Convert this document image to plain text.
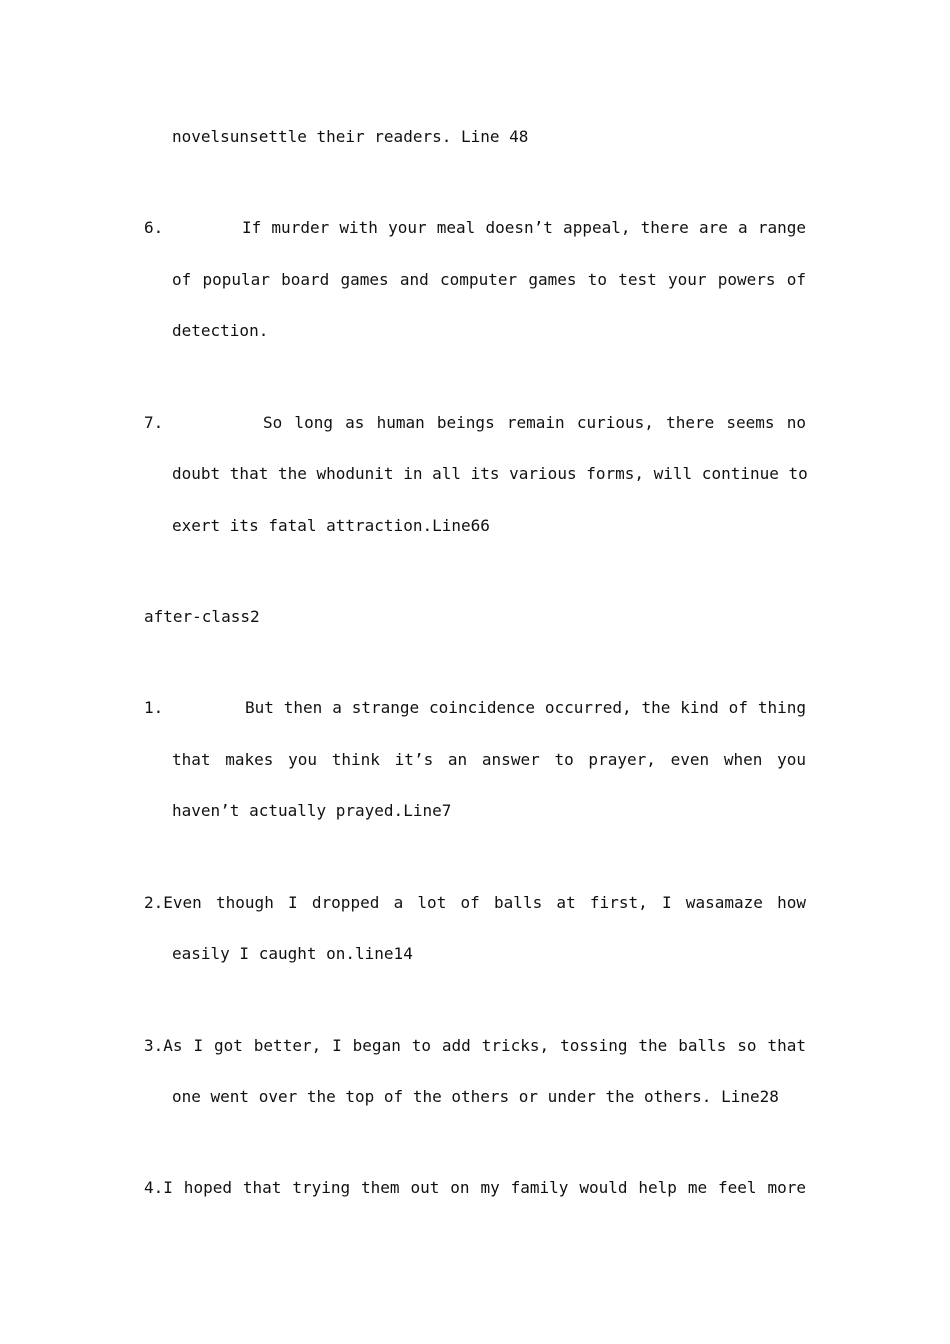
novelsunsettle their readers. Line 48
6.	If murder with your meal doesn’t appeal, there are a range
of popular board games and computer games to test your powers of
detection.
7.	So long as human beings remain curious, there seems no
doubt that the whodunit in all its various forms, will continue to
exert its fatal attraction.Line66
after-class2
1.	But then a strange coincidence occurred, the kind of thing
that makes you think it’s an answer to prayer, even when you
haven’t actually prayed.Line7
2.Even though I dropped a lot of balls at first, I wasamaze how
easily I caught on.line14
3.As I got better, I began to add tricks, tossing the balls so that
one went over the top of the others or under the others. Line28
4.I hoped that trying them out on my family would help me feel more
